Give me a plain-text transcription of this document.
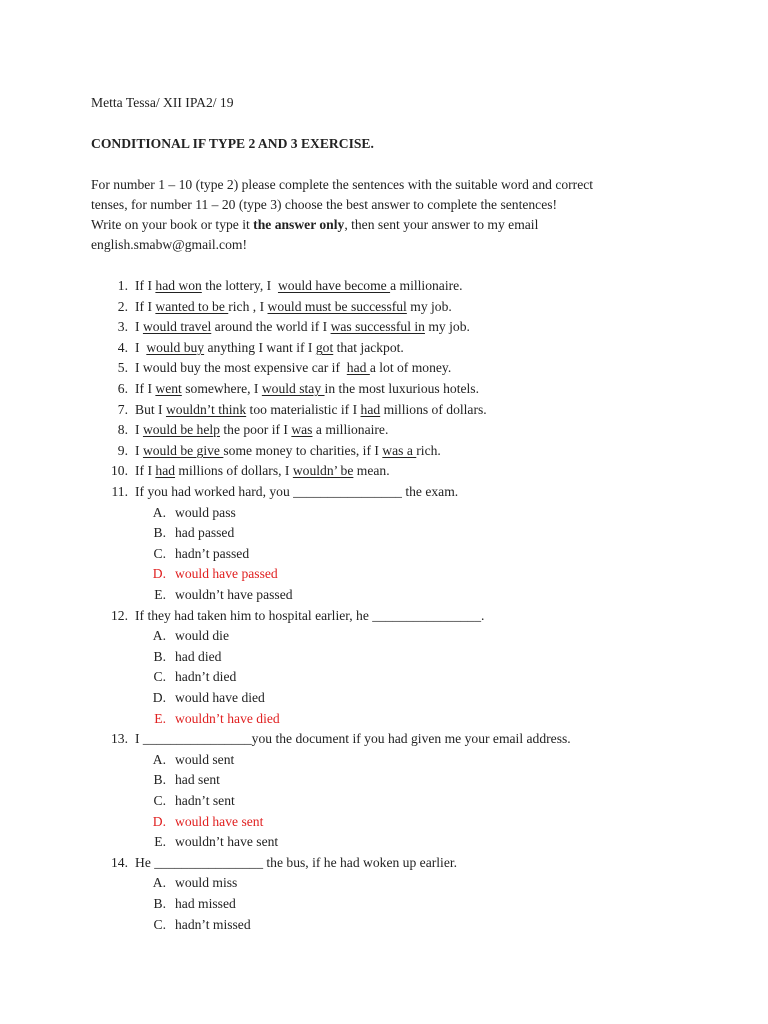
Metta Tessa/ XII IPA2/ 19
CONDITIONAL IF TYPE 2 AND 3 EXERCISE.
For number 1 – 10 (type 2) please complete the sentences with the suitable word and correct
tenses, for number 11 – 20 (type 3) choose the best answer to complete the sentences!
Write on your book or type it the answer only, then sent your answer to my email
english.smabw@gmail.com!
1. If I had won the lottery, I  would have become a millionaire.
2. If I wanted to be rich , I would must be successful my job.
3. I would travel around the world if I was successful in my job.
4. I  would buy anything I want if I got that jackpot.
5. I would buy the most expensive car if  had a lot of money.
6. If I went somewhere, I would stay in the most luxurious hotels.
7. But I wouldn’t think too materialistic if I had millions of dollars.
8. I would be help the poor if I was a millionaire.
9. I would be give some money to charities, if I was a rich.
10. If I had millions of dollars, I wouldn’ be mean.
11. If you had worked hard, you ________________ the exam.
A. would pass
B. had passed
C. hadn’t passed
D. would have passed
E. wouldn’t have passed
12. If they had taken him to hospital earlier, he ________________.
A. would die
B. had died
C. hadn’t died
D. would have died
E. wouldn’t have died
13. I ________________you the document if you had given me your email address.
A. would sent
B. had sent
C. hadn’t sent
D. would have sent
E. wouldn’t have sent
14. He ________________ the bus, if he had woken up earlier.
A. would miss
B. had missed
C. hadn’t missed
